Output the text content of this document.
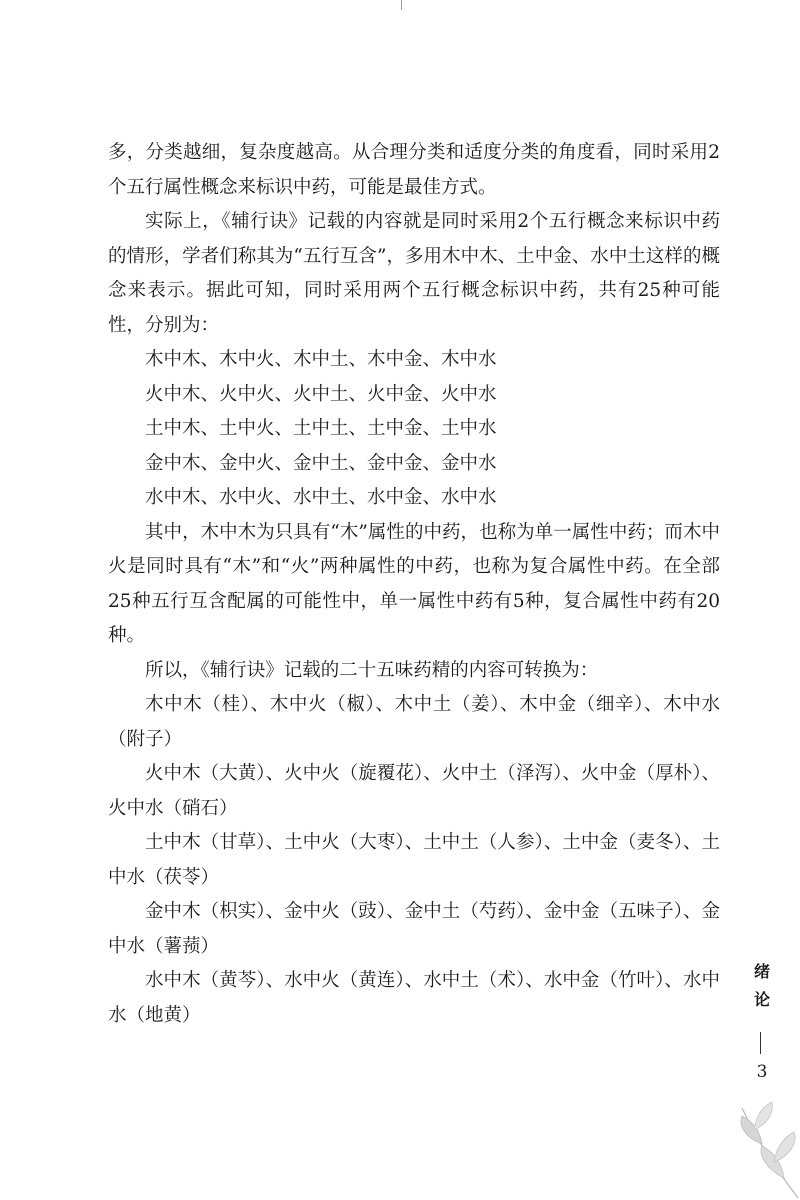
多，分类越细，复杂度越高。从合理分类和适度分类的角度看，同时采用2个五行属性概念来标识中药，可能是最佳方式。

实际上，《辅行诀》记载的内容就是同时采用2个五行概念来标识中药的情形，学者们称其为“五行互含”，多用木中木、土中金、水中土这样的概念来表示。据此可知，同时采用两个五行概念标识中药，共有25种可能性，分别为：

木中木、木中火、木中土、木中金、木中水

火中木、火中火、火中土、火中金、火中水

土中木、土中火、土中土、土中金、土中水

金中木、金中火、金中土、金中金、金中水

水中木、水中火、水中土、水中金、水中水

其中，木中木为只具有“木”属性的中药，也称为单一属性中药；而木中火是同时具有“木”和“火”两种属性的中药，也称为复合属性中药。在全部25种五行互含配属的可能性中，单一属性中药有5种，复合属性中药有20种。

所以，《辅行诀》记载的二十五味药精的内容可转换为：

木中木（桂）、木中火（椒）、木中土（姜）、木中金（细辛）、木中水（附子）

火中木（大黄）、火中火（旋覆花）、火中土（泽泻）、火中金（厚朴）、火中水（硝石）

土中木（甘草）、土中火（大枣）、土中土（人参）、土中金（麦冬）、土中水（茯苓）

金中木（枳实）、金中火（豉）、金中土（芍药）、金中金（五味子）、金中水（薯蓣）

水中木（黄芩）、水中火（黄连）、水中土（术）、水中金（竹叶）、水中水（地黄）

绪
论
3
